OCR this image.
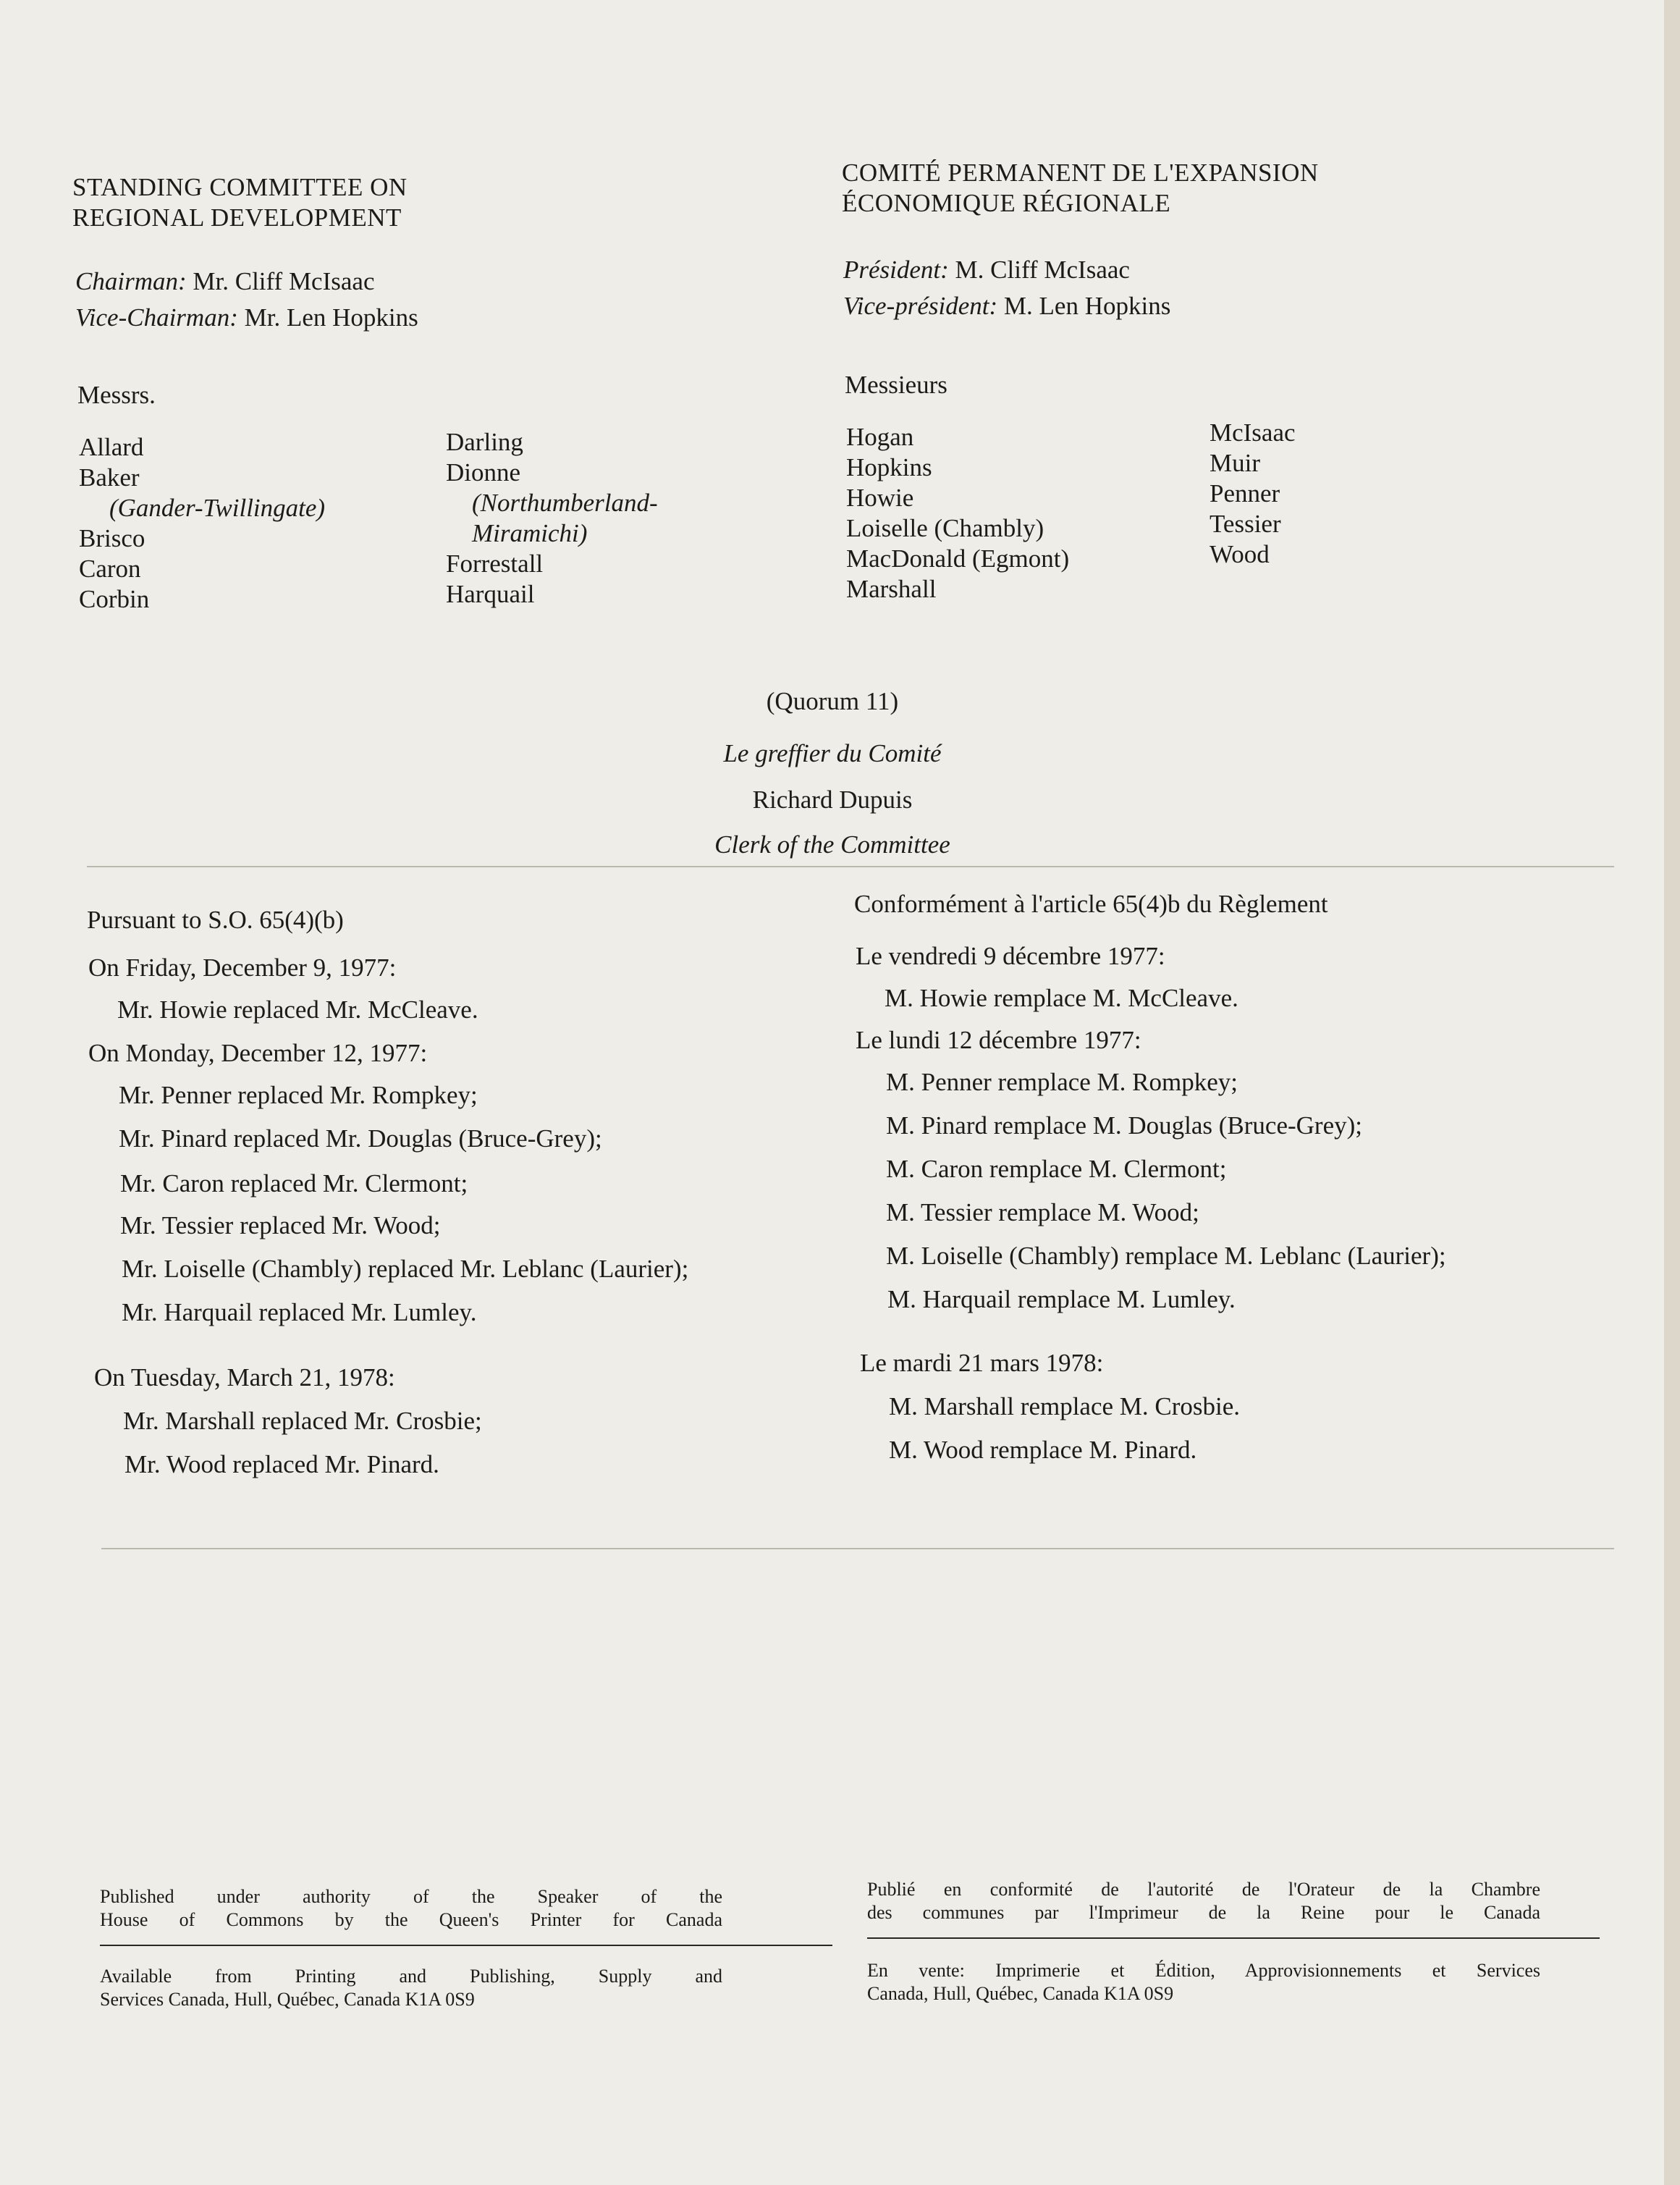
STANDING COMMITTEE ON
REGIONAL DEVELOPMENT
Chairman: Mr. Cliff McIsaac
Vice-Chairman: Mr. Len Hopkins
Messrs.
Allard
Baker
(Gander-Twillingate)
Brisco
Caron
Corbin
Darling
Dionne
(Northumberland-
Miramichi)
Forrestall
Harquail
COMITÉ PERMANENT DE L'EXPANSION
ÉCONOMIQUE RÉGIONALE
Président: M. Cliff McIsaac
Vice-président: M. Len Hopkins
Messieurs
Hogan
Hopkins
Howie
Loiselle (Chambly)
MacDonald (Egmont)
Marshall
McIsaac
Muir
Penner
Tessier
Wood
(Quorum 11)
Le greffier du Comité
Richard Dupuis
Clerk of the Committee
Pursuant to S.O. 65(4)(b)
On Friday, December 9, 1977:
Mr. Howie replaced Mr. McCleave.
On Monday, December 12, 1977:
Mr. Penner replaced Mr. Rompkey;
Mr. Pinard replaced Mr. Douglas (Bruce-Grey);
Mr. Caron replaced Mr. Clermont;
Mr. Tessier replaced Mr. Wood;
Mr. Loiselle (Chambly) replaced Mr. Leblanc (Laurier);
Mr. Harquail replaced Mr. Lumley.
On Tuesday, March 21, 1978:
Mr. Marshall replaced Mr. Crosbie;
Mr. Wood replaced Mr. Pinard.
Conformément à l'article 65(4)b du Règlement
Le vendredi 9 décembre 1977:
M. Howie remplace M. McCleave.
Le lundi 12 décembre 1977:
M. Penner remplace M. Rompkey;
M. Pinard remplace M. Douglas (Bruce-Grey);
M. Caron remplace M. Clermont;
M. Tessier remplace M. Wood;
M. Loiselle (Chambly) remplace M. Leblanc (Laurier);
M. Harquail remplace M. Lumley.
Le mardi 21 mars 1978:
M. Marshall remplace M. Crosbie.
M. Wood remplace M. Pinard.
Published under authority of the Speaker of the
House of Commons by the Queen's Printer for Canada
Available from Printing and Publishing, Supply and
Services Canada, Hull, Québec, Canada K1A 0S9
Publié en conformité de l'autorité de l'Orateur de la Chambre
des communes par l'Imprimeur de la Reine pour le Canada
En vente: Imprimerie et Édition, Approvisionnements et Services
Canada, Hull, Québec, Canada K1A 0S9
